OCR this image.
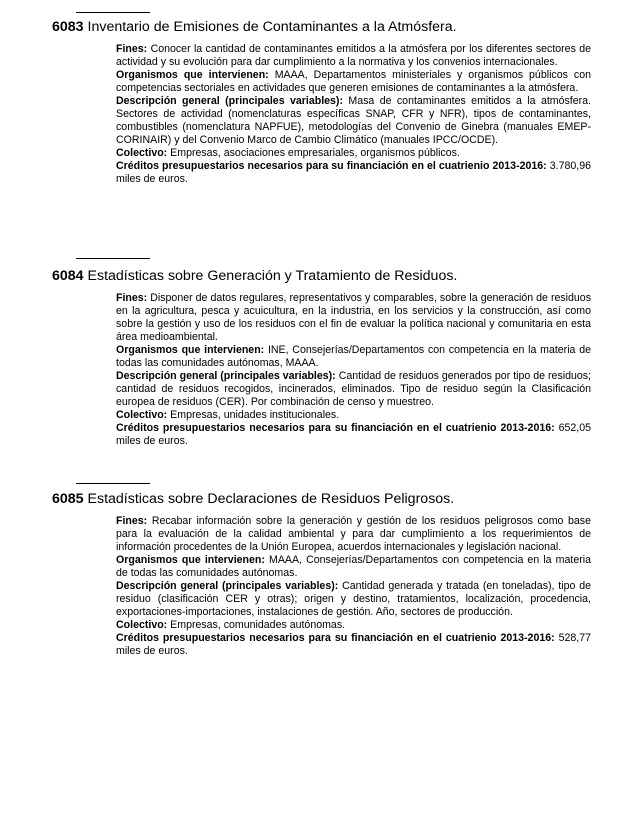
6083 Inventario de Emisiones de Contaminantes a la Atmósfera.

Fines: Conocer la cantidad de contaminantes emitidos a la atmósfera por los diferentes sectores de actividad y su evolución para dar cumplimiento a la normativa y los convenios internacionales.

Organismos que intervienen: MAAA, Departamentos ministeriales y organismos públicos con competencias sectoriales en actividades que generen emisiones de contaminantes a la atmósfera.

Descripción general (principales variables): Masa de contaminantes emitidos a la atmósfera. Sectores de actividad (nomenclaturas específicas SNAP, CFR y NFR), tipos de contaminantes, combustibles (nomenclatura NAPFUE), metodologías del Convenio de Ginebra (manuales EMEP-CORINAIR) y del Convenio Marco de Cambio Climático (manuales IPCC/OCDE).

Colectivo: Empresas, asociaciones empresariales, organismos públicos.

Créditos presupuestarios necesarios para su financiación en el cuatrienio 2013-2016: 3.780,96 miles de euros.

6084 Estadísticas sobre Generación y Tratamiento de Residuos.

Fines: Disponer de datos regulares, representativos y comparables, sobre la generación de residuos en la agricultura, pesca y acuicultura, en la industria, en los servicios y la construcción, así como sobre la gestión y uso de los residuos con el fin de evaluar la política nacional y comunitaria en esta área medioambiental.

Organismos que intervienen: INE, Consejerías/Departamentos con competencia en la materia de todas las comunidades autónomas, MAAA.

Descripción general (principales variables): Cantidad de residuos generados por tipo de residuos; cantidad de residuos recogidos, incinerados, eliminados. Tipo de residuo según la Clasificación europea de residuos (CER). Por combinación de censo y muestreo.

Colectivo: Empresas, unidades institucionales.

Créditos presupuestarios necesarios para su financiación en el cuatrienio 2013-2016: 652,05 miles de euros.

6085 Estadísticas sobre Declaraciones de Residuos Peligrosos.

Fines: Recabar información sobre la generación y gestión de los residuos peligrosos como base para la evaluación de la calidad ambiental y para dar cumplimiento a los requerimientos de información procedentes de la Unión Europea, acuerdos internacionales y legislación nacional.

Organismos que intervienen: MAAA, Consejerías/Departamentos con competencia en la materia de todas las comunidades autónomas.

Descripción general (principales variables): Cantidad generada y tratada (en toneladas), tipo de residuo (clasificación CER y otras); origen y destino, tratamientos, localización, procedencia, exportaciones-importaciones, instalaciones de gestión. Año, sectores de producción.

Colectivo: Empresas, comunidades autónomas.

Créditos presupuestarios necesarios para su financiación en el cuatrienio 2013-2016: 528,77 miles de euros.
